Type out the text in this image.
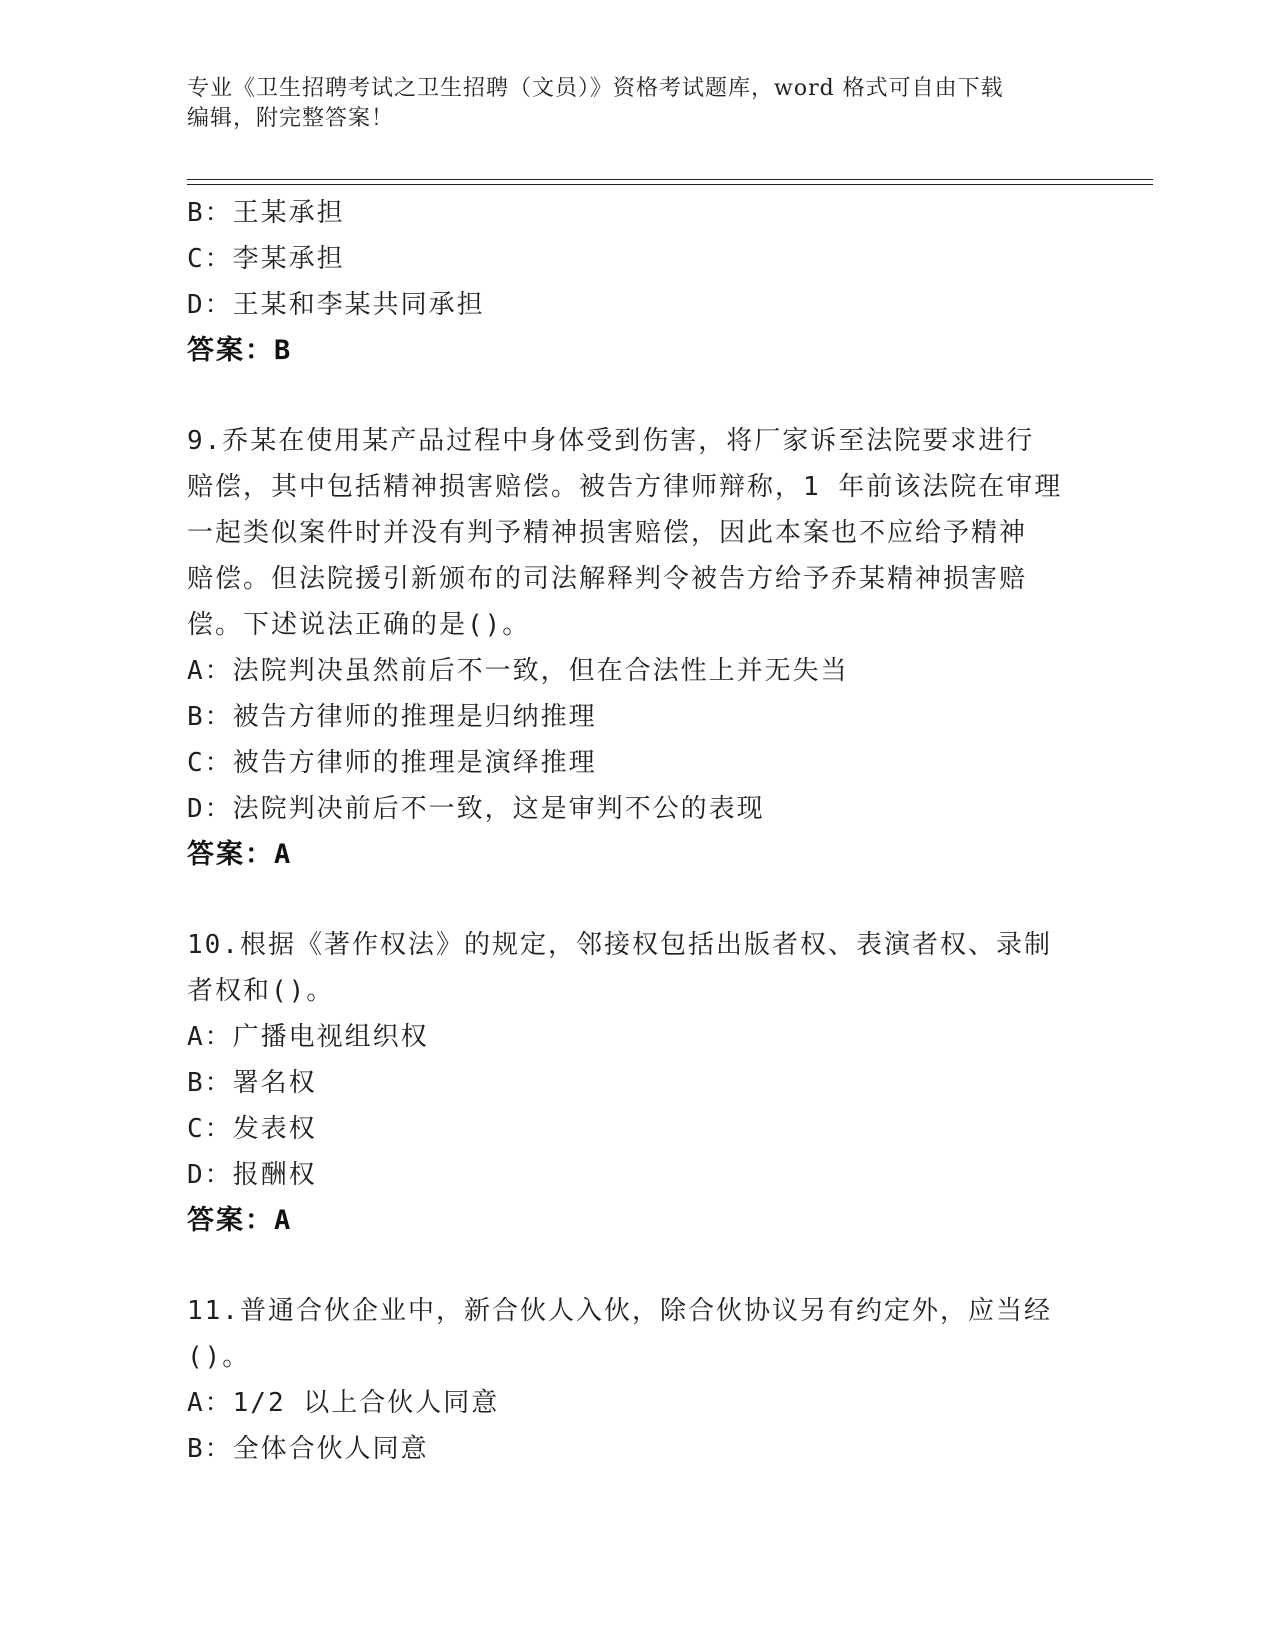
专业《卫生招聘考试之卫生招聘（文员）》资格考试题库，word 格式可自由下载
编辑，附完整答案！
B：王某承担
C：李某承担
D：王某和李某共同承担
答案：B
9.乔某在使用某产品过程中身体受到伤害，将厂家诉至法院要求进行
赔偿，其中包括精神损害赔偿。被告方律师辩称，1 年前该法院在审理
一起类似案件时并没有判予精神损害赔偿，因此本案也不应给予精神
赔偿。但法院援引新颁布的司法解释判令被告方给予乔某精神损害赔
偿。下述说法正确的是()。
A：法院判决虽然前后不一致，但在合法性上并无失当
B：被告方律师的推理是归纳推理
C：被告方律师的推理是演绎推理
D：法院判决前后不一致，这是审判不公的表现
答案：A
10.根据《著作权法》的规定，邻接权包括出版者权、表演者权、录制
者权和()。
A：广播电视组织权
B：署名权
C：发表权
D：报酬权
答案：A
11.普通合伙企业中，新合伙人入伙，除合伙协议另有约定外，应当经
()。
A：1/2 以上合伙人同意
B：全体合伙人同意
